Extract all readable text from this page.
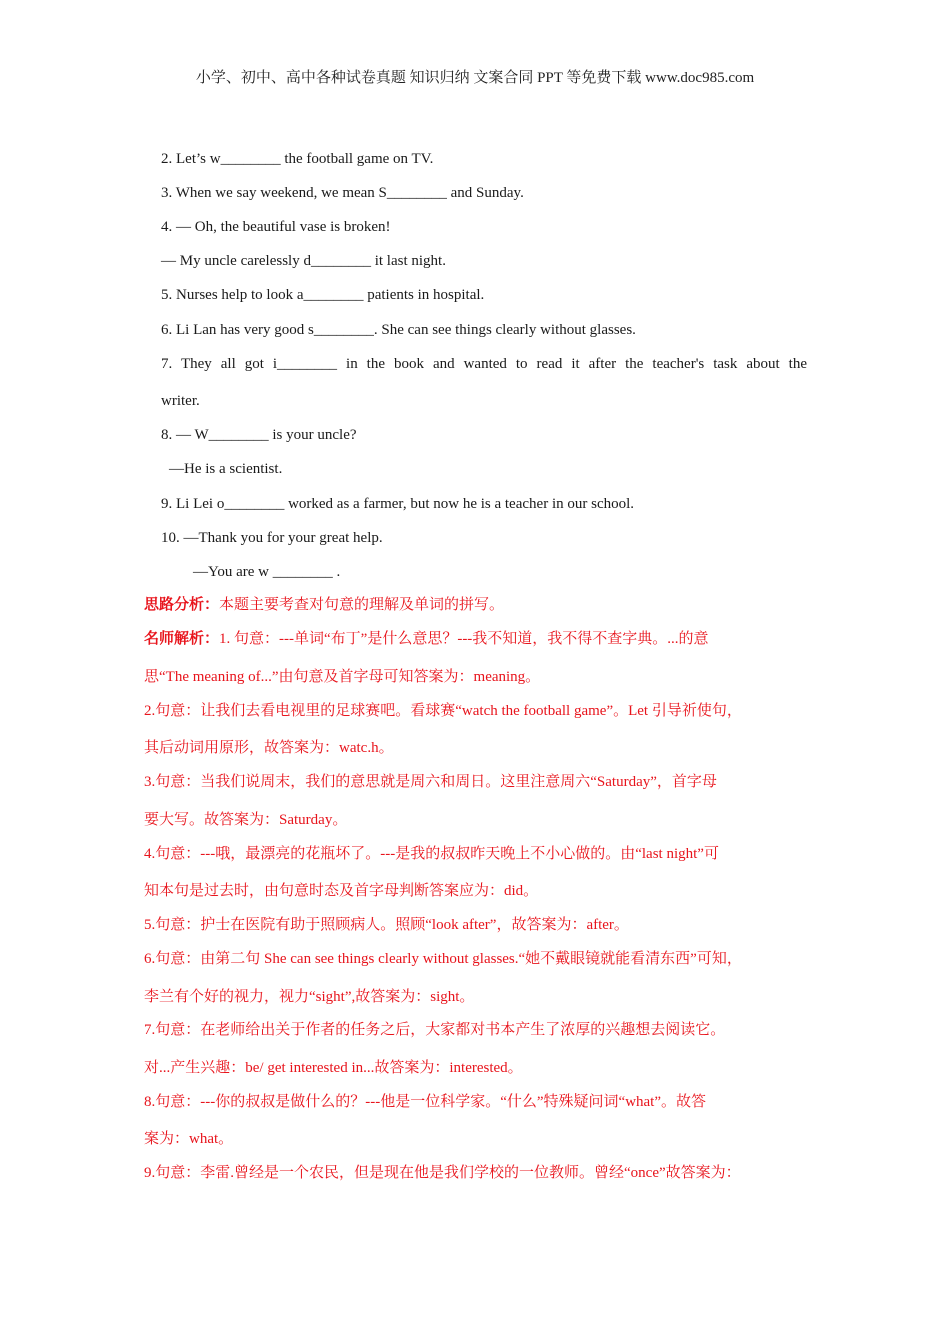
小学、初中、高中各种试卷真题 知识归纳 文案合同 PPT 等免费下载 www.doc985.com
2. Let’s w________ the football game on TV.
3. When we say weekend, we mean S________ and Sunday.
4. — Oh, the beautiful vase is broken!
— My uncle carelessly d________ it last night.
5. Nurses help to look a________ patients in hospital.
6. Li Lan has very good s________. She can see things clearly without glasses.
7. They all got i________ in the book and wanted to read it after the teacher's task about the
writer.
8. — W________ is your uncle?
—He is a scientist.
9. Li Lei o________ worked as a farmer, but now he is a teacher in our school.
10. —Thank you for your great help.
—You are w ________ .
思路分析：本题主要考查对句意的理解及单词的拼写。
名师解析：1. 句意：---单词“布丁”是什么意思？---我不知道，我不得不查字典。...的意
思“The meaning of...”由句意及首字母可知答案为：meaning。
2.句意：让我们去看电视里的足球赛吧。看球赛“watch the football game”。Let 引导祈使句，
其后动词用原形，故答案为：watc.h。
3.句意：当我们说周末，我们的意思就是周六和周日。这里注意周六“Saturday”，首字母
要大写。故答案为：Saturday。
4.句意：---哦，最漂亮的花瓶坏了。---是我的叔叔昨天晚上不小心做的。由“last night”可
知本句是过去时，由句意时态及首字母判断答案应为：did。
5.句意：护士在医院有助于照顾病人。照顾“look after”，故答案为：after。
6.句意：由第二句 She can see things clearly without glasses.“她不戴眼镜就能看清东西”可知，
李兰有个好的视力，视力“sight”,故答案为：sight。
7.句意：在老师给出关于作者的任务之后，大家都对书本产生了浓厚的兴趣想去阅读它。
对...产生兴趣：be/ get interested in...故答案为：interested。
8.句意：---你的叔叔是做什么的？---他是一位科学家。“什么”特殊疑问词“what”。故答
案为：what。
9.句意：李雷.曾经是一个农民，但是现在他是我们学校的一位教师。曾经“once”故答案为：
